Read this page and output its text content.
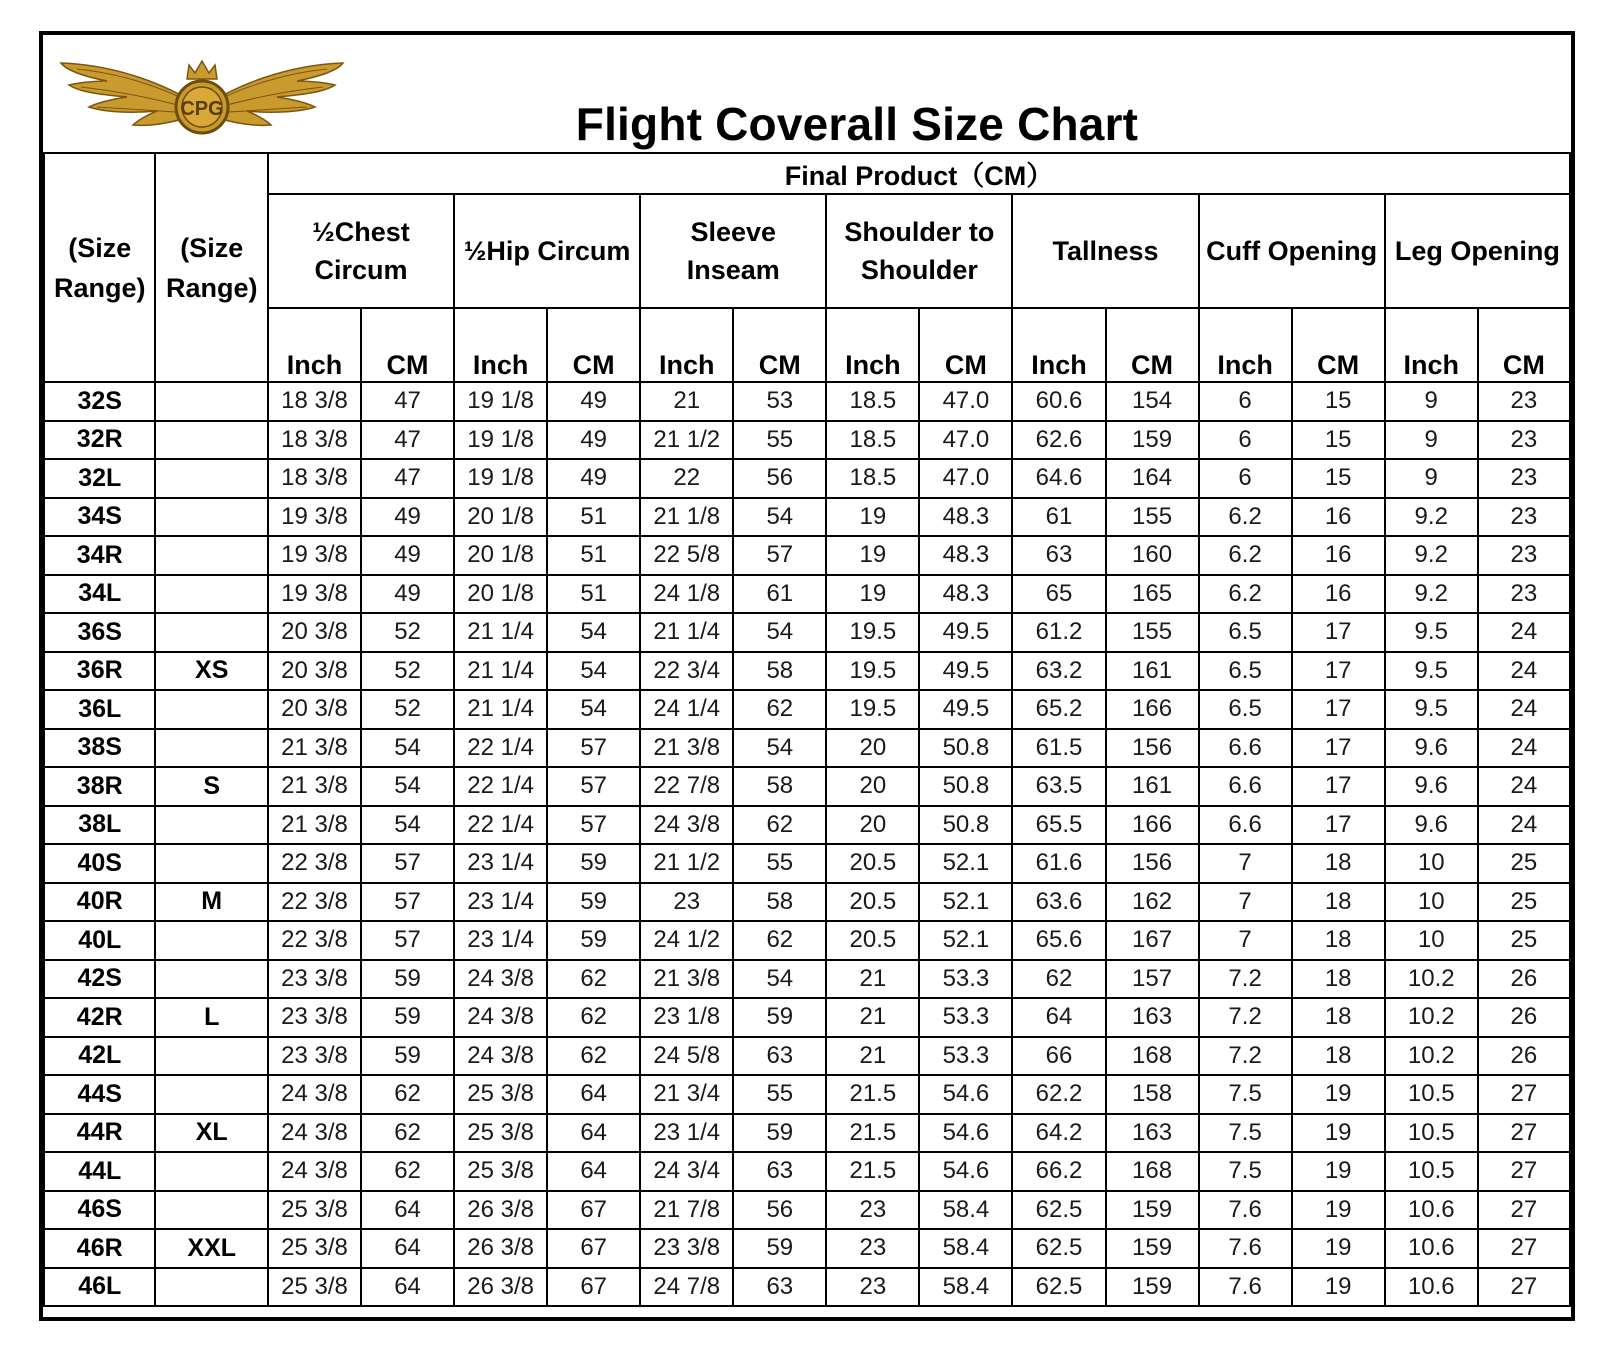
CPG	Flight Coverall Size Chart
(Size Range)	(Size Range)	Final Product（CM）													
		½Chest Circum		½Hip Circum		Sleeve Inseam		Shoulder to Shoulder		Tallness		Cuff Opening		Leg Opening	
		Inch	CM	Inch	CM	Inch	CM	Inch	CM	Inch	CM	Inch	CM	Inch	CM
32S		18 3/8	47	19 1/8	49	21	53	18.5	47.0	60.6	154	6	15	9	23
32R		18 3/8	47	19 1/8	49	21 1/2	55	18.5	47.0	62.6	159	6	15	9	23
32L		18 3/8	47	19 1/8	49	22	56	18.5	47.0	64.6	164	6	15	9	23
34S		19 3/8	49	20 1/8	51	21 1/8	54	19	48.3	61	155	6.2	16	9.2	23
34R		19 3/8	49	20 1/8	51	22 5/8	57	19	48.3	63	160	6.2	16	9.2	23
34L		19 3/8	49	20 1/8	51	24 1/8	61	19	48.3	65	165	6.2	16	9.2	23
36S		20 3/8	52	21 1/4	54	21 1/4	54	19.5	49.5	61.2	155	6.5	17	9.5	24
36R	XS	20 3/8	52	21 1/4	54	22 3/4	58	19.5	49.5	63.2	161	6.5	17	9.5	24
36L		20 3/8	52	21 1/4	54	24 1/4	62	19.5	49.5	65.2	166	6.5	17	9.5	24
38S		21 3/8	54	22 1/4	57	21 3/8	54	20	50.8	61.5	156	6.6	17	9.6	24
38R	S	21 3/8	54	22 1/4	57	22 7/8	58	20	50.8	63.5	161	6.6	17	9.6	24
38L		21 3/8	54	22 1/4	57	24 3/8	62	20	50.8	65.5	166	6.6	17	9.6	24
40S		22 3/8	57	23 1/4	59	21 1/2	55	20.5	52.1	61.6	156	7	18	10	25
40R	M	22 3/8	57	23 1/4	59	23	58	20.5	52.1	63.6	162	7	18	10	25
40L		22 3/8	57	23 1/4	59	24 1/2	62	20.5	52.1	65.6	167	7	18	10	25
42S		23 3/8	59	24 3/8	62	21 3/8	54	21	53.3	62	157	7.2	18	10.2	26
42R	L	23 3/8	59	24 3/8	62	23 1/8	59	21	53.3	64	163	7.2	18	10.2	26
42L		23 3/8	59	24 3/8	62	24 5/8	63	21	53.3	66	168	7.2	18	10.2	26
44S		24 3/8	62	25 3/8	64	21 3/4	55	21.5	54.6	62.2	158	7.5	19	10.5	27
44R	XL	24 3/8	62	25 3/8	64	23 1/4	59	21.5	54.6	64.2	163	7.5	19	10.5	27
44L		24 3/8	62	25 3/8	64	24 3/4	63	21.5	54.6	66.2	168	7.5	19	10.5	27
46S		25 3/8	64	26 3/8	67	21 7/8	56	23	58.4	62.5	159	7.6	19	10.6	27
46R	XXL	25 3/8	64	26 3/8	67	23 3/8	59	23	58.4	62.5	159	7.6	19	10.6	27
46L		25 3/8	64	26 3/8	67	24 7/8	63	23	58.4	62.5	159	7.6	19	10.6	27
